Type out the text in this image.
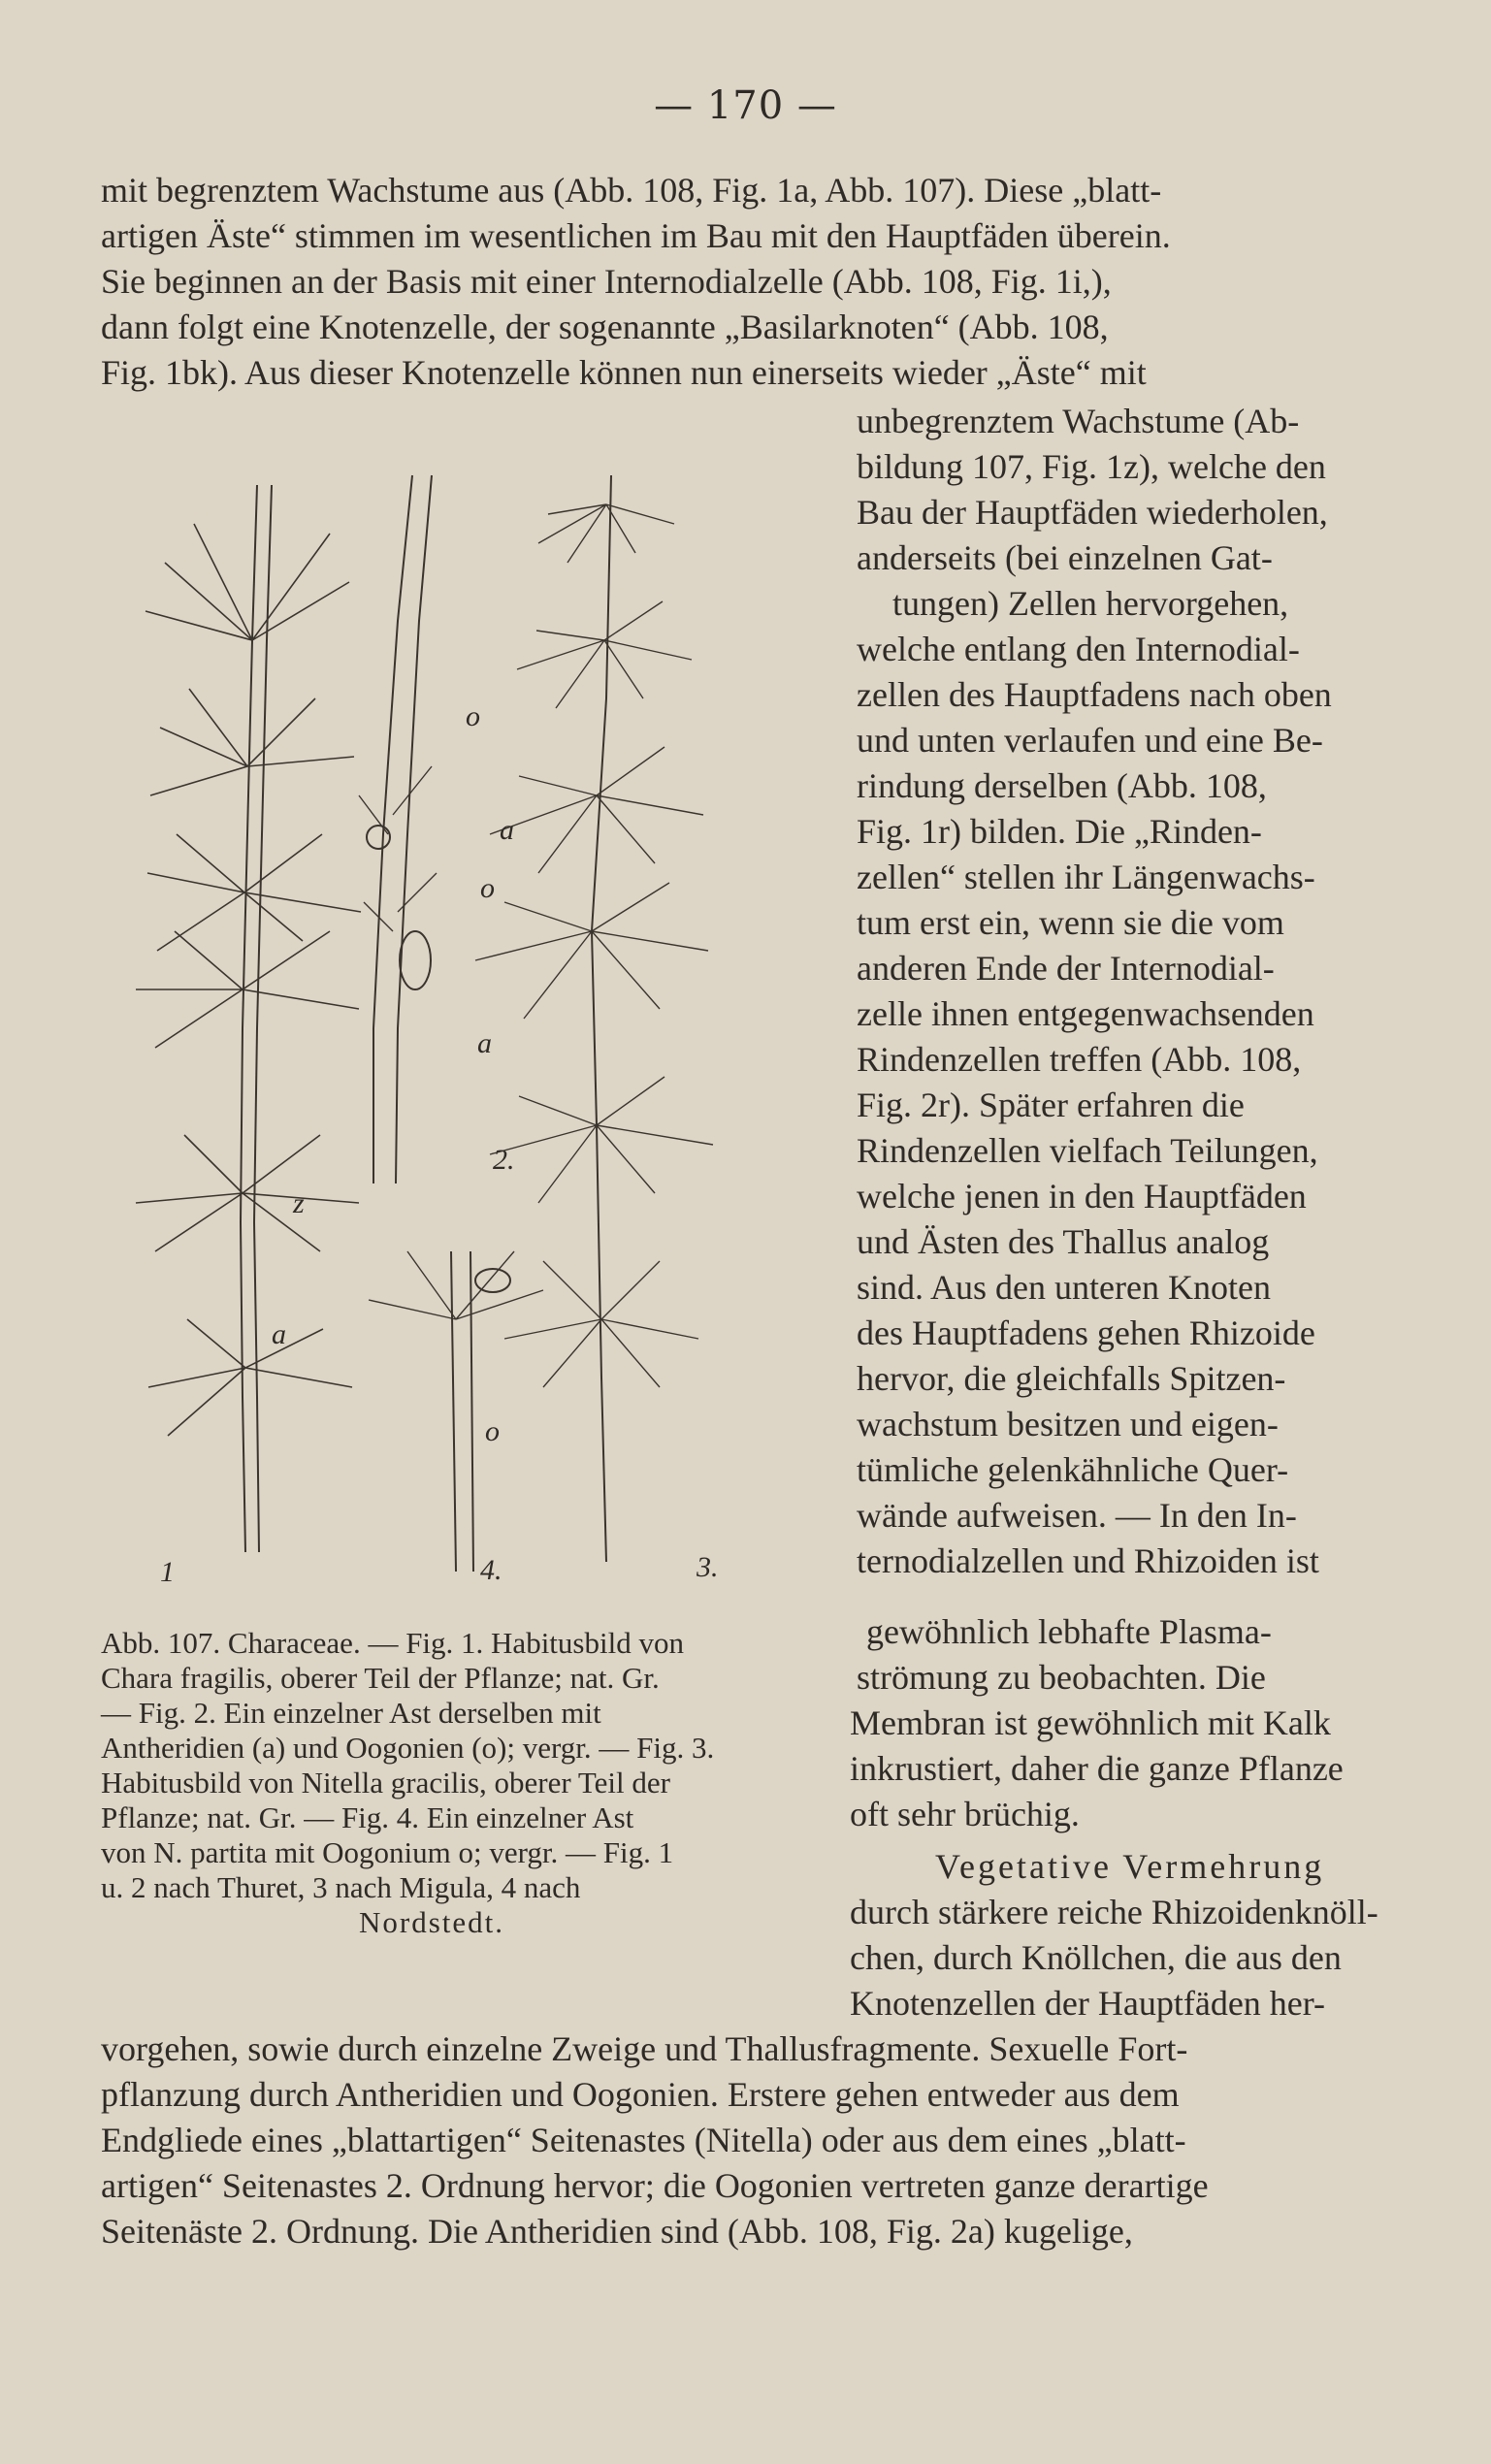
— 170 —
mit begrenztem Wachstume aus (Abb. 108, Fig. 1a, Abb. 107). Diese „blatt-
artigen Äste“ stimmen im wesentlichen im Bau mit den Hauptfäden überein.
Sie beginnen an der Basis mit einer Internodialzelle (Abb. 108, Fig. 1i,),
dann folgt eine Knotenzelle, der sogenannte „Basilarknoten“ (Abb. 108,
Fig. 1bk). Aus dieser Knotenzelle können nun einerseits wieder „Äste“ mit
unbegrenztem Wachstume (Ab-
bildung 107, Fig. 1z), welche den
Bau der Hauptfäden wiederholen,
anderseits (bei einzelnen Gat-
tungen) Zellen hervorgehen,
welche entlang den Internodial-
zellen des Hauptfadens nach oben
und unten verlaufen und eine Be-
rindung derselben (Abb. 108,
Fig. 1r) bilden. Die „Rinden-
zellen“ stellen ihr Längenwachs-
tum erst ein, wenn sie die vom
anderen Ende der Internodial-
zelle ihnen entgegenwachsenden
Rindenzellen treffen (Abb. 108,
Fig. 2r). Später erfahren die
Rindenzellen vielfach Teilungen,
welche jenen in den Hauptfäden
und Ästen des Thallus analog
sind. Aus den unteren Knoten
des Hauptfadens gehen Rhizoide
hervor, die gleichfalls Spitzen-
wachstum besitzen und eigen-
tümliche gelenkähnliche Quer-
wände aufweisen. — In den In-
ternodialzellen und Rhizoiden ist
gewöhnlich lebhafte Plasma-
strömung zu beobachten. Die
Membran ist gewöhnlich mit Kalk
inkrustiert, daher die ganze Pflanze
oft sehr brüchig.
Vegetative Vermehrung
durch stärkere reiche Rhizoidenknöll-
chen, durch Knöllchen, die aus den
Knotenzellen der Hauptfäden her-
vorgehen, sowie durch einzelne Zweige und Thallusfragmente. Sexuelle Fort-
pflanzung durch Antheridien und Oogonien. Erstere gehen entweder aus dem
Endgliede eines „blattartigen“ Seitenastes (Nitella) oder aus dem eines „blatt-
artigen“ Seitenastes 2. Ordnung hervor; die Oogonien vertreten ganze derartige
Seitenäste 2. Ordnung. Die Antheridien sind (Abb. 108, Fig. 2a) kugelige,
Abb. 107. Characeae. — Fig. 1. Habitusbild von
Chara fragilis, oberer Teil der Pflanze; nat. Gr.
— Fig. 2. Ein einzelner Ast derselben mit
Antheridien (a) und Oogonien (o); vergr. — Fig. 3.
Habitusbild von Nitella gracilis, oberer Teil der
Pflanze; nat. Gr. — Fig. 4. Ein einzelner Ast
von N. partita mit Oogonium o; vergr. — Fig. 1
u. 2 nach Thuret, 3 nach Migula, 4 nach
Nordstedt.
1
2.
3.
4.
z
a
a
a
o
o
o
